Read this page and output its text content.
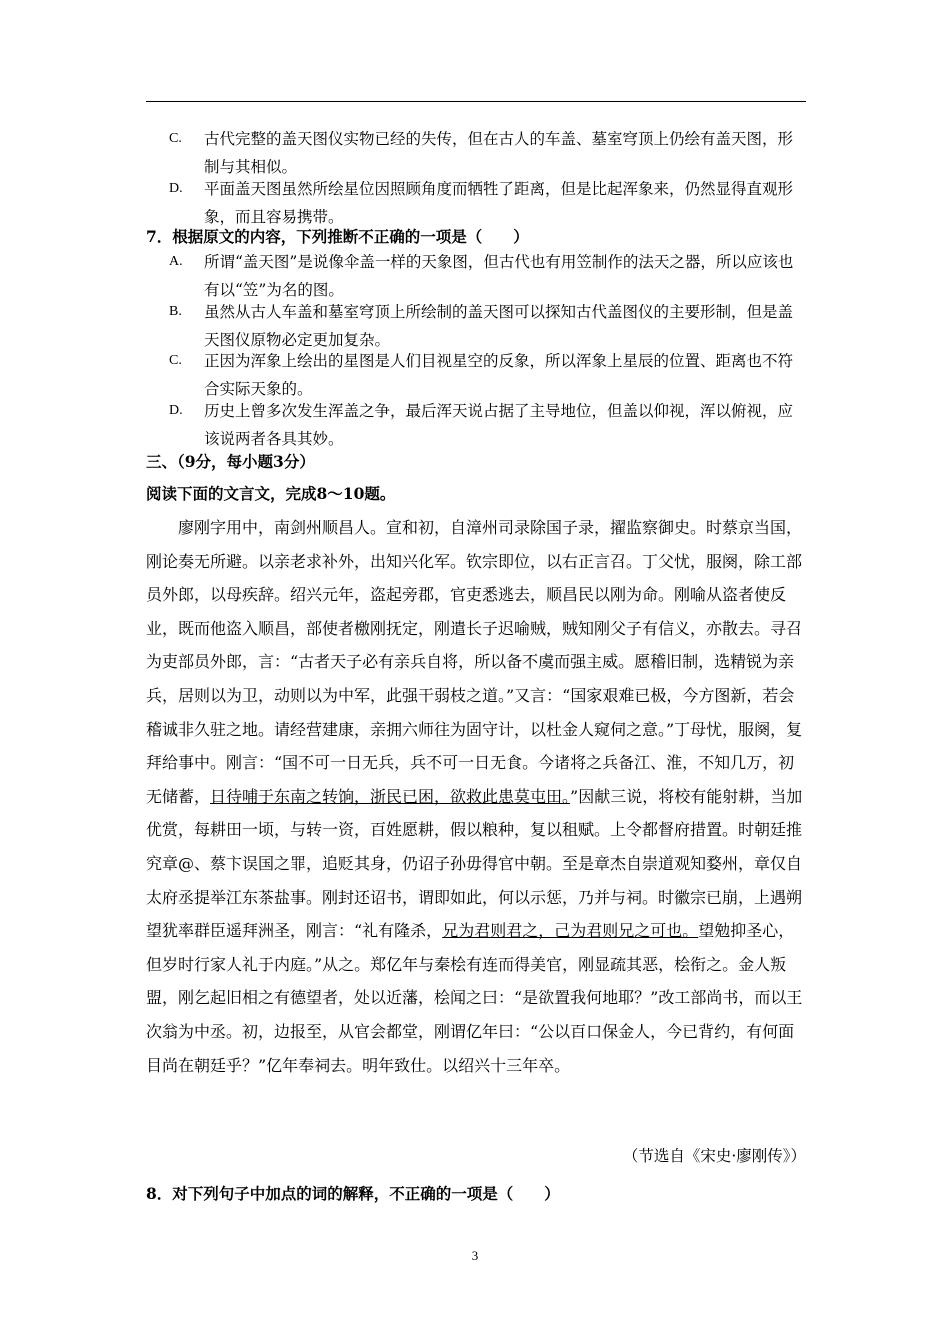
C. 古代完整的盖天图仪实物已经的失传，但在古人的车盖、墓室穹顶上仍绘有盖天图，形制与其相似。
D. 平面盖天图虽然所绘星位因照顾角度而牺牲了距离，但是比起浑象来，仍然显得直观形象，而且容易携带。
7．根据原文的内容，下列推断不正确的一项是（　　）
A. 所谓“盖天图”是说像伞盖一样的天象图，但古代也有用笠制作的法天之器，所以应该也有以“笠”为名的图。
B. 虽然从古人车盖和墓室穹顶上所绘制的盖天图可以探知古代盖图仪的主要形制，但是盖天图仪原物必定更加复杂。
C. 正因为浑象上绘出的星图是人们目视星空的反象，所以浑象上星辰的位置、距离也不符合实际天象的。
D. 历史上曾多次发生浑盖之争，最后浑天说占据了主导地位，但盖以仰视，浑以俯视，应该说两者各具其妙。
三、（9分，每小题3分）
阅读下面的文言文，完成8～10题。

廖刚字用中，南剑州顺昌人。宣和初，自漳州司录除国子录，擢监察御史。时蔡京当国，刚论奏无所避。以亲老求补外，出知兴化军。钦宗即位，以右正言召。丁父忧，服阕，除工部员外郎，以母疾辞。绍兴元年，盗起旁郡，官吏悉逃去，顺昌民以刚为命。刚喻从盗者使反业，既而他盗入顺昌，部使者檄刚抚定，刚遣长子迟喻贼，贼知刚父子有信义，亦散去。寻召为吏部员外郎，言：“古者天子必有亲兵自将，所以备不虞而强主威。愿稽旧制，选精锐为亲兵，居则以为卫，动则以为中军，此强干弱枝之道。”又言：“国家艰难已极，今方图新，若会稽诚非久驻之地。请经营建康，亲拥六师往为固守计，以杜金人窥伺之意。”丁母忧，服阕，复拜给事中。刚言：“国不可一日无兵，兵不可一日无食。今诸将之兵备江、淮，不知几万，初无储蓄，日待哺于东南之转饷，浙民已困，欲救此患莫屯田。”因献三说，将校有能射耕，当加优赏，每耕田一顷，与转一资，百姓愿耕，假以粮种，复以租赋。上令都督府措置。时朝廷推究章@、蔡卞误国之罪，追贬其身，仍诏子孙毋得官中朝。至是章杰自崇道观知婺州，章仅自太府丞提举江东茶盐事。刚封还诏书，谓即如此，何以示惩，乃并与祠。时徽宗已崩，上遇朔望犹率群臣遥拜洲圣，刚言：“礼有隆杀，兄为君则君之，己为君则兄之可也。望勉抑圣心，但岁时行家人礼于内庭。”从之。郑亿年与秦桧有连而得美官，刚显疏其恶，桧衔之。金人叛盟，刚乞起旧相之有德望者，处以近藩，桧闻之曰：“是欲置我何地耶？”改工部尚书，而以王次翁为中丞。初，边报至，从官会都堂，刚谓亿年曰：“公以百口保金人，今已背约，有何面目尚在朝廷乎？”亿年奉祠去。明年致仕。以绍兴十三年卒。

（节选自《宋史·廖刚传》）
8．对下列句子中加点的词的解释，不正确的一项是（　　）
3
